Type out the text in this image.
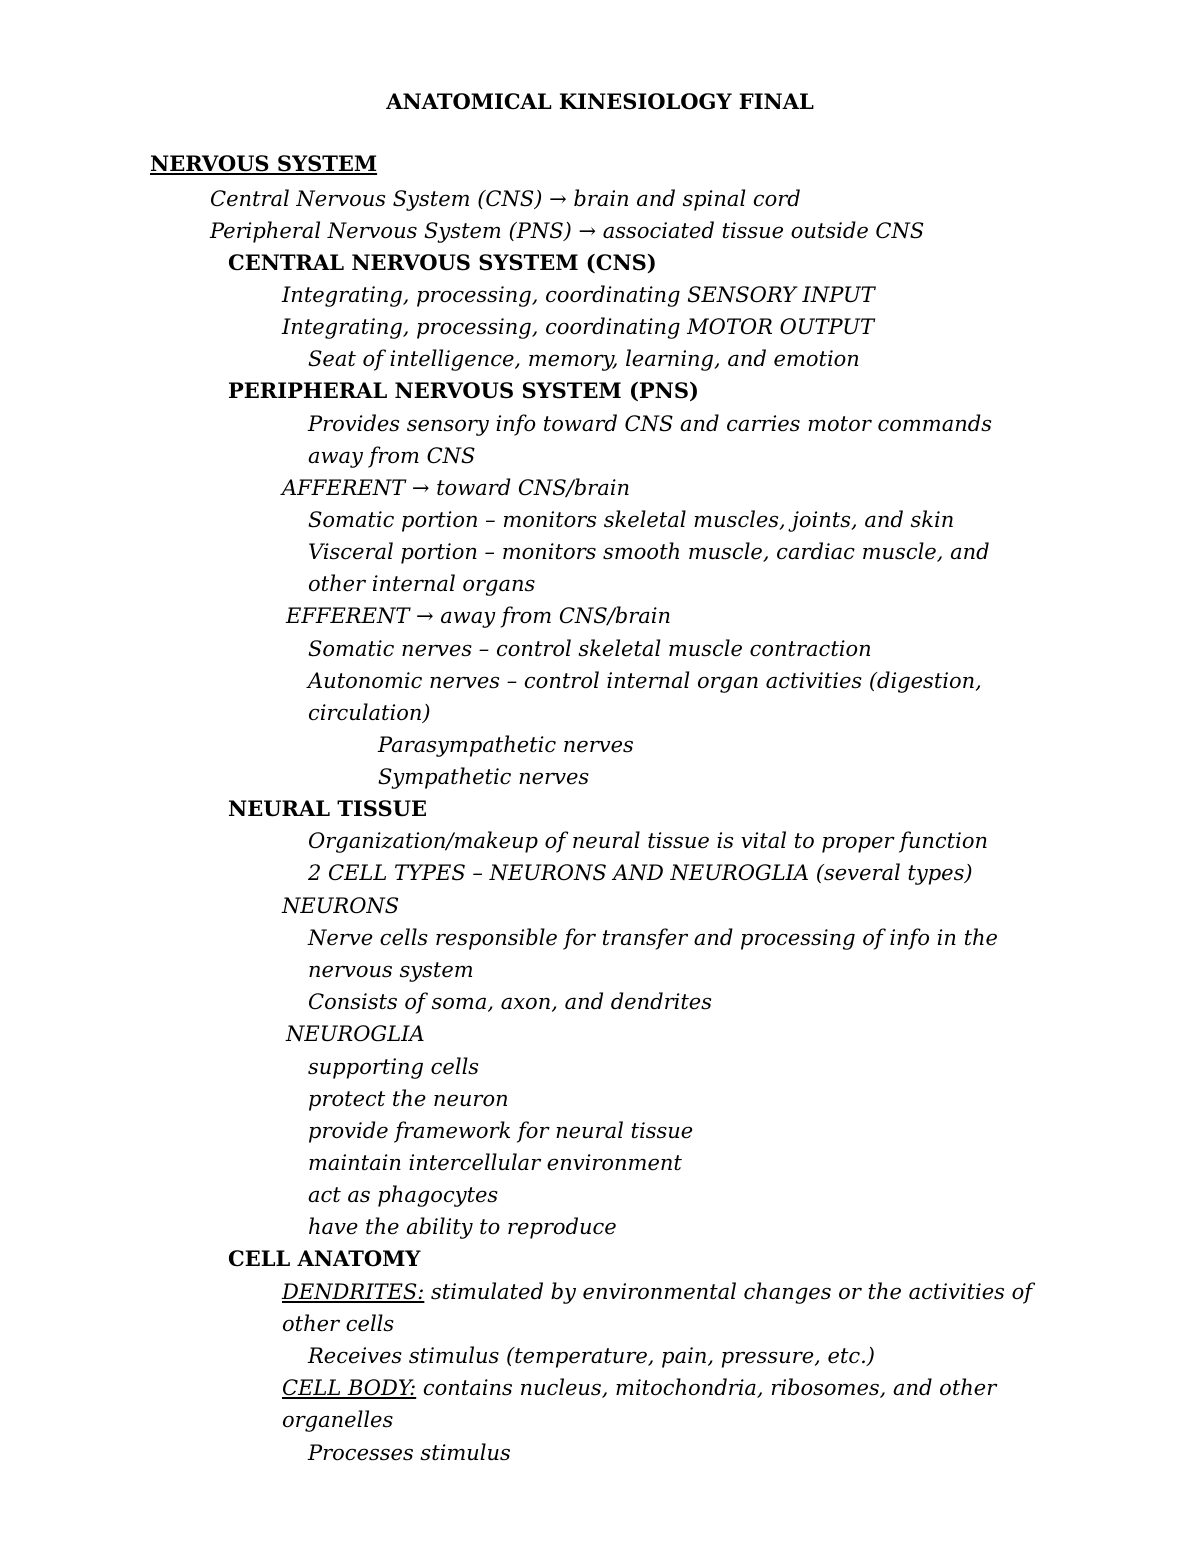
ANATOMICAL KINESIOLOGY FINAL
NERVOUS SYSTEM
Central Nervous System (CNS) → brain and spinal cord
Peripheral Nervous System (PNS) → associated tissue outside CNS
CENTRAL NERVOUS SYSTEM (CNS)
Integrating, processing, coordinating SENSORY INPUT
Integrating, processing, coordinating MOTOR OUTPUT
Seat of intelligence, memory, learning, and emotion
PERIPHERAL NERVOUS SYSTEM (PNS)
Provides sensory info toward CNS and carries motor commands
away from CNS
AFFERENT → toward CNS/brain
Somatic portion – monitors skeletal muscles, joints, and skin
Visceral portion – monitors smooth muscle, cardiac muscle, and
other internal organs
EFFERENT → away from CNS/brain
Somatic nerves – control skeletal muscle contraction
Autonomic nerves – control internal organ activities (digestion,
circulation)
Parasympathetic nerves
Sympathetic nerves
NEURAL TISSUE
Organization/makeup of neural tissue is vital to proper function
2 CELL TYPES – NEURONS AND NEUROGLIA (several types)
NEURONS
Nerve cells responsible for transfer and processing of info in the
nervous system
Consists of soma, axon, and dendrites
NEUROGLIA
supporting cells
protect the neuron
provide framework for neural tissue
maintain intercellular environment
act as phagocytes
have the ability to reproduce
CELL ANATOMY
DENDRITES: stimulated by environmental changes or the activities of
other cells
Receives stimulus (temperature, pain, pressure, etc.)
CELL BODY: contains nucleus, mitochondria, ribosomes, and other
organelles
Processes stimulus
